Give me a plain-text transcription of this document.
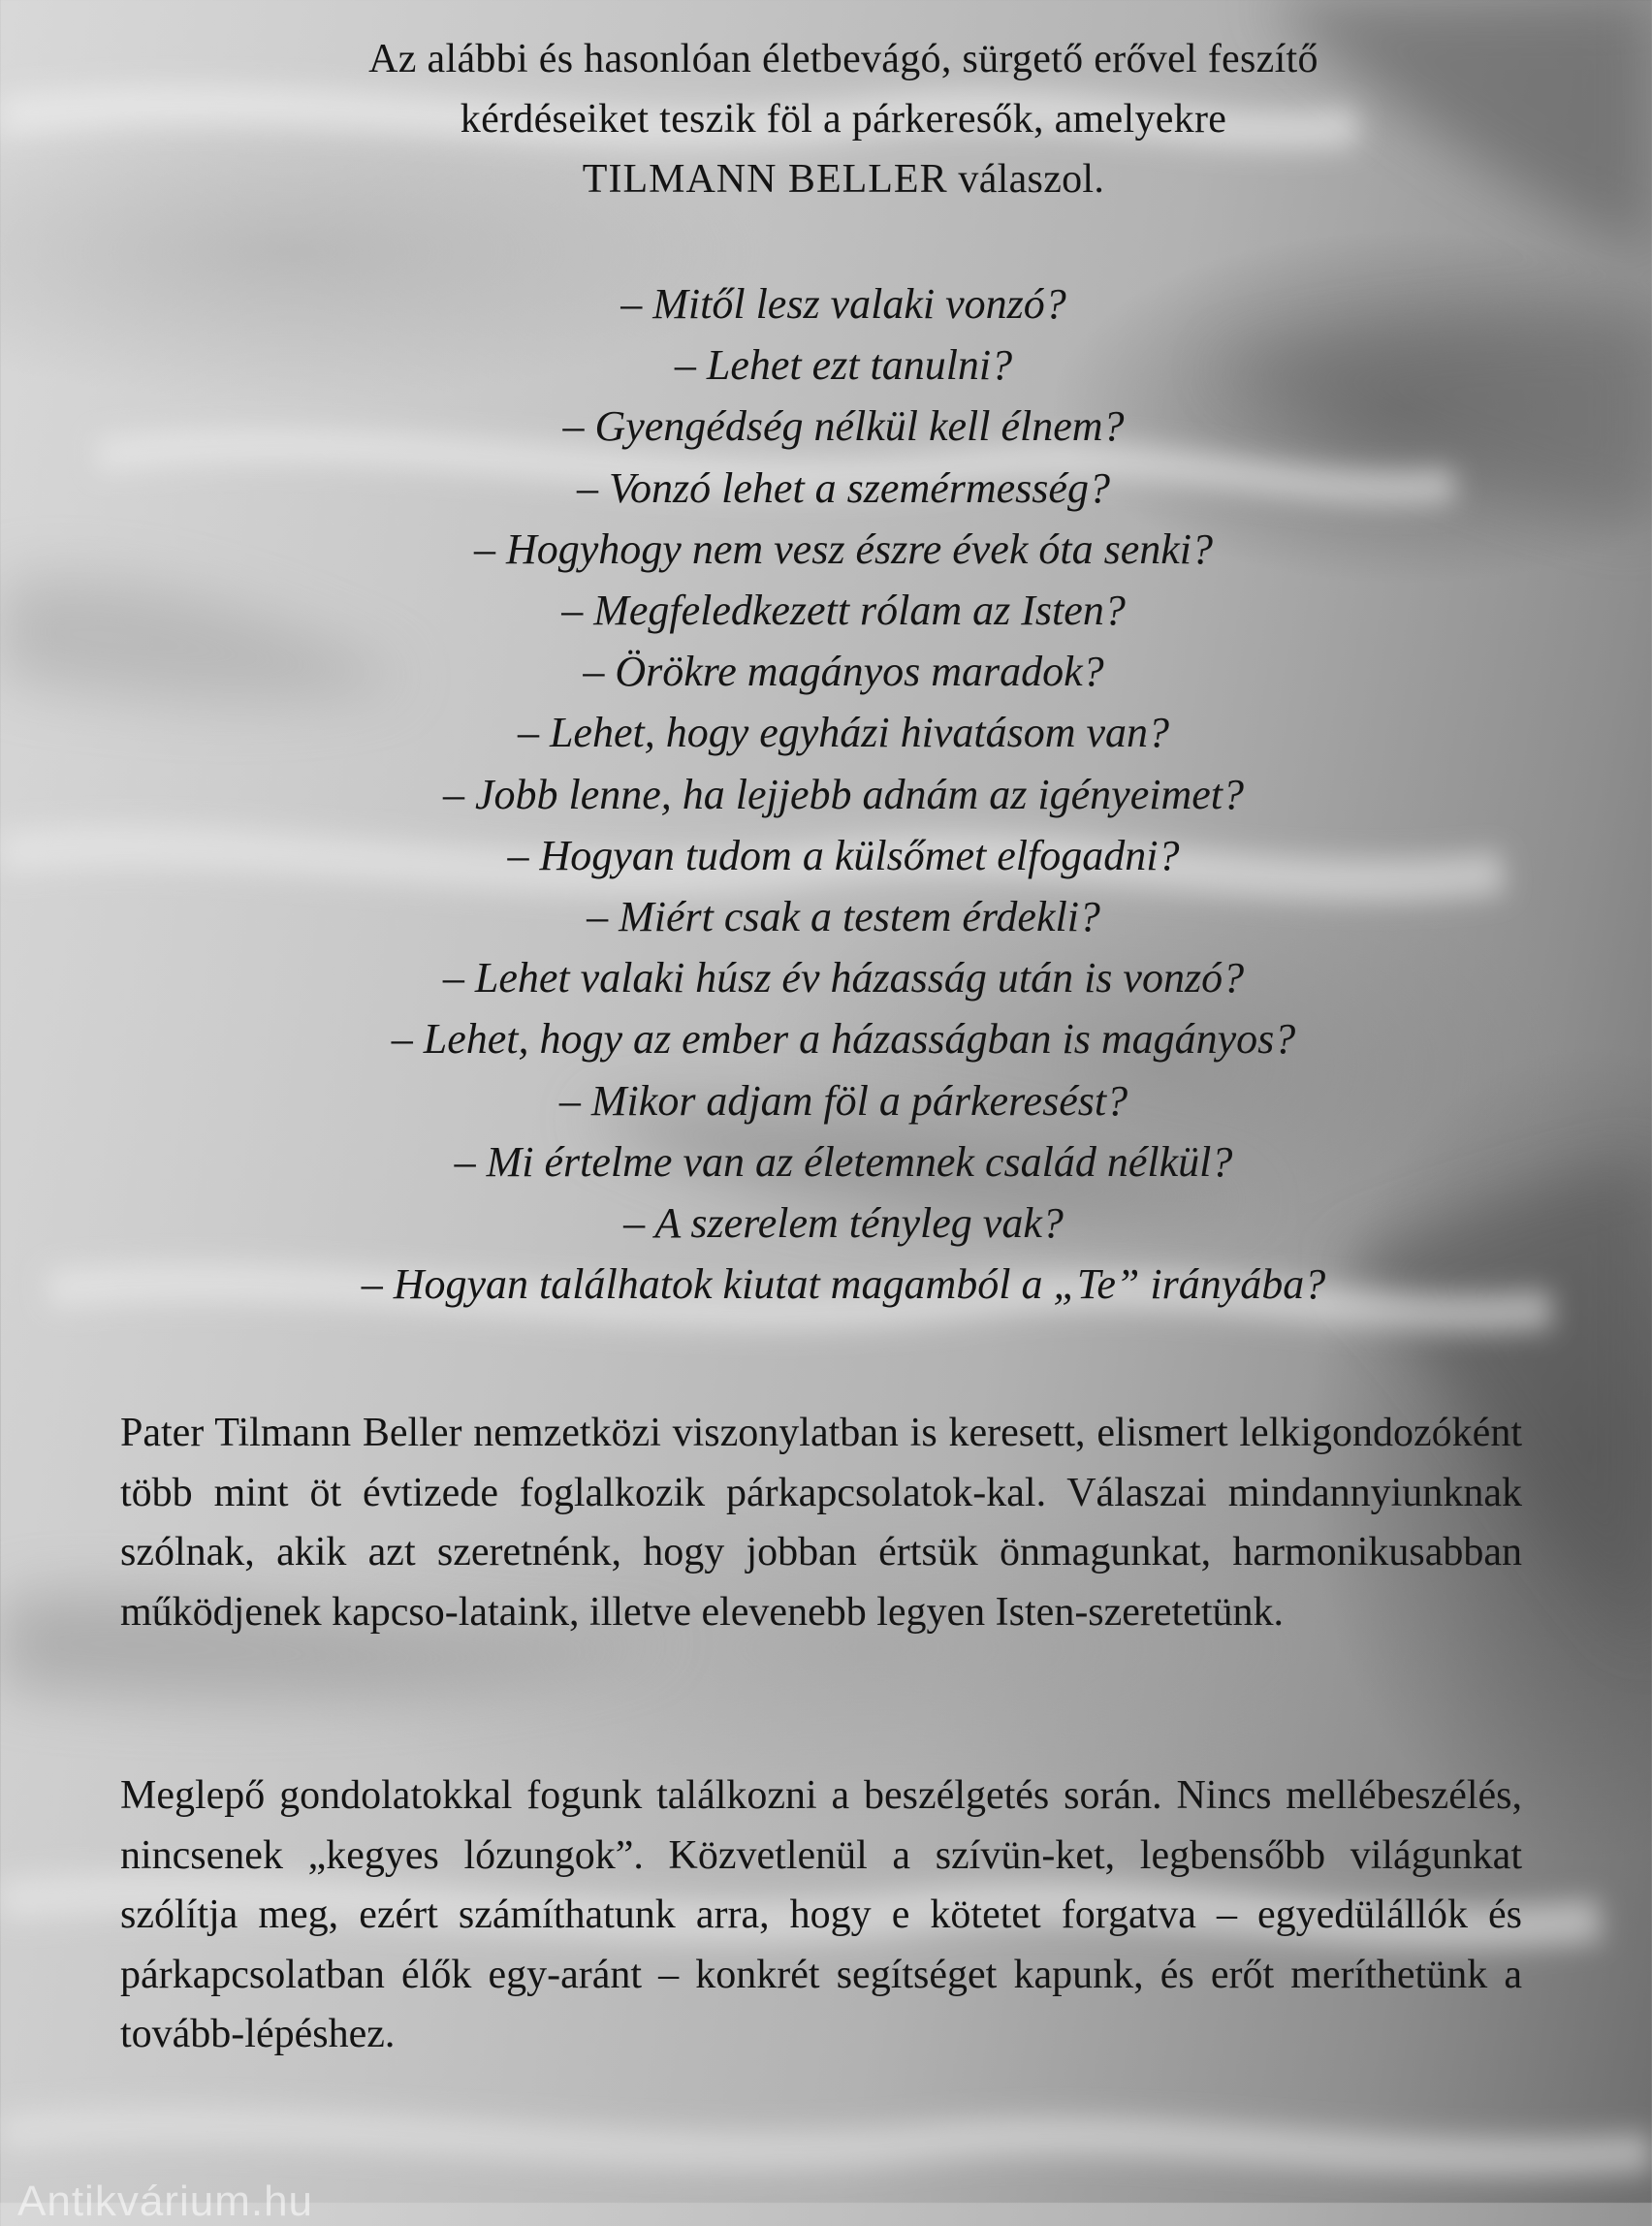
Az alábbi és hasonlóan életbevágó, sürgető erővel feszítő

kérdéseiket teszik föl a párkeresők, amelyekre

TILMANN BELLER válaszol.

– Mitől lesz valaki vonzó?
– Lehet ezt tanulni?
– Gyengédség nélkül kell élnem?
– Vonzó lehet a szemérmesség?
– Hogyhogy nem vesz észre évek óta senki?
– Megfeledkezett rólam az Isten?
– Örökre magányos maradok?
– Lehet, hogy egyházi hivatásom van?
– Jobb lenne, ha lejjebb adnám az igényeimet?
– Hogyan tudom a külsőmet elfogadni?
– Miért csak a testem érdekli?
– Lehet valaki húsz év házasság után is vonzó?
– Lehet, hogy az ember a házasságban is magányos?
– Mikor adjam föl a párkeresést?
– Mi értelme van az életemnek család nélkül?
– A szerelem tényleg vak?
– Hogyan találhatok kiutat magamból a „Te” irányába?

Pater Tilmann Beller nemzetközi viszonylatban is keresett, elismert lelkigondozóként több mint öt évtizede foglalkozik párkapcsolatok-kal. Válaszai mindannyiunknak szólnak, akik azt szeretnénk, hogy jobban értsük önmagunkat, harmonikusabban működjenek kapcso-lataink, illetve elevenebb legyen Isten-szeretetünk.

Meglepő gondolatokkal fogunk találkozni a beszélgetés során. Nincs mellébeszélés, nincsenek „kegyes lózungok”. Közvetlenül a szívün-ket, legbensőbb világunkat szólítja meg, ezért számíthatunk arra, hogy e kötetet forgatva – egyedülállók és párkapcsolatban élők egy-aránt – konkrét segítséget kapunk, és erőt meríthetünk a tovább-lépéshez.

Antikvárium.hu
